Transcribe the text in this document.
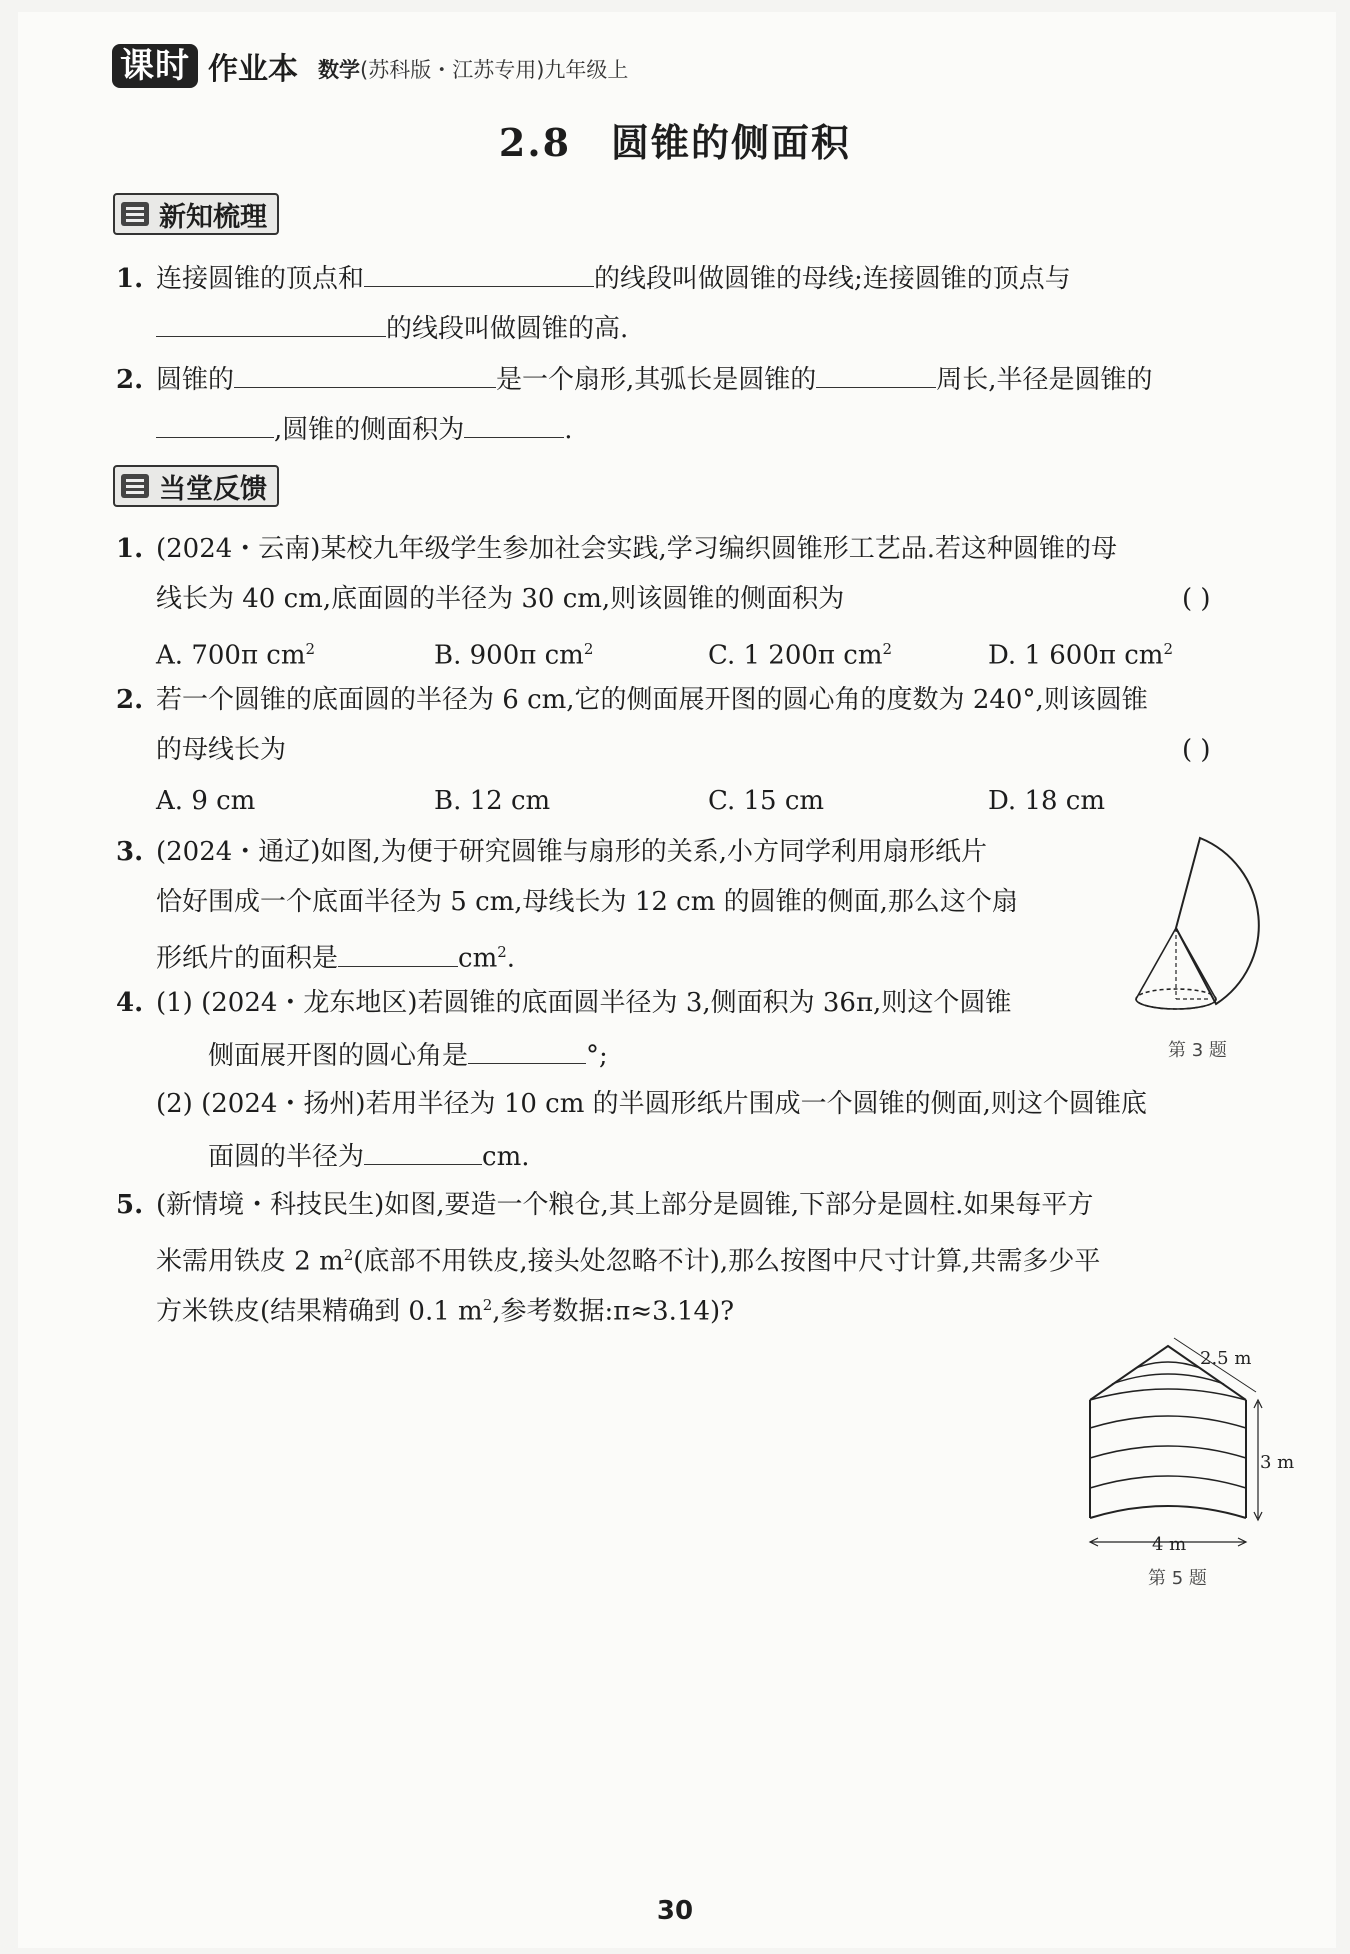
课时 作业本 数学(苏科版・江苏专用)九年级上
2.8 圆锥的侧面积
新知梳理
1. 连接圆锥的顶点和	的线段叫做圆锥的母线;连接圆锥的顶点与
的线段叫做圆锥的高.
2. 圆锥的	是一个扇形,其弧长是圆锥的	周长,半径是圆锥的
,圆锥的侧面积为	.
当堂反馈
1. (2024・云南)某校九年级学生参加社会实践,学习编织圆锥形工艺品.若这种圆锥的母
线长为 40 cm,底面圆的半径为 30 cm,则该圆锥的侧面积为	( )
A. 700π $cm^2$	B. 900π $cm^2$	C. 1 200π $cm^2$	D. 1 600π $cm^2$
2. 若一个圆锥的底面圆的半径为 6 cm,它的侧面展开图的圆心角的度数为 240°,则该圆锥
的母线长为	( )
A. 9 cm	B. 12 cm	C. 15 cm	D. 18 cm
3. (2024・通辽)如图,为便于研究圆锥与扇形的关系,小方同学利用扇形纸片
恰好围成一个底面半径为 5 cm,母线长为 12 cm 的圆锥的侧面,那么这个扇
形纸片的面积是	$cm^2$.
第 3 题
4. (1) (2024・龙东地区)若圆锥的底面圆半径为 3,侧面积为 36π,则这个圆锥
侧面展开图的圆心角是	°;
(2) (2024・扬州)若用半径为 10 cm 的半圆形纸片围成一个圆锥的侧面,则这个圆锥底
面圆的半径为	cm.
5. (新情境・科技民生)如图,要造一个粮仓,其上部分是圆锥,下部分是圆柱.如果每平方
米需用铁皮 2 $m^2$(底部不用铁皮,接头处忽略不计),那么按图中尺寸计算,共需多少平
方米铁皮(结果精确到 0.1 $m^2$,参考数据:π≈3.14)?
2.5 m
3 m
4 m
第 5 题
30
